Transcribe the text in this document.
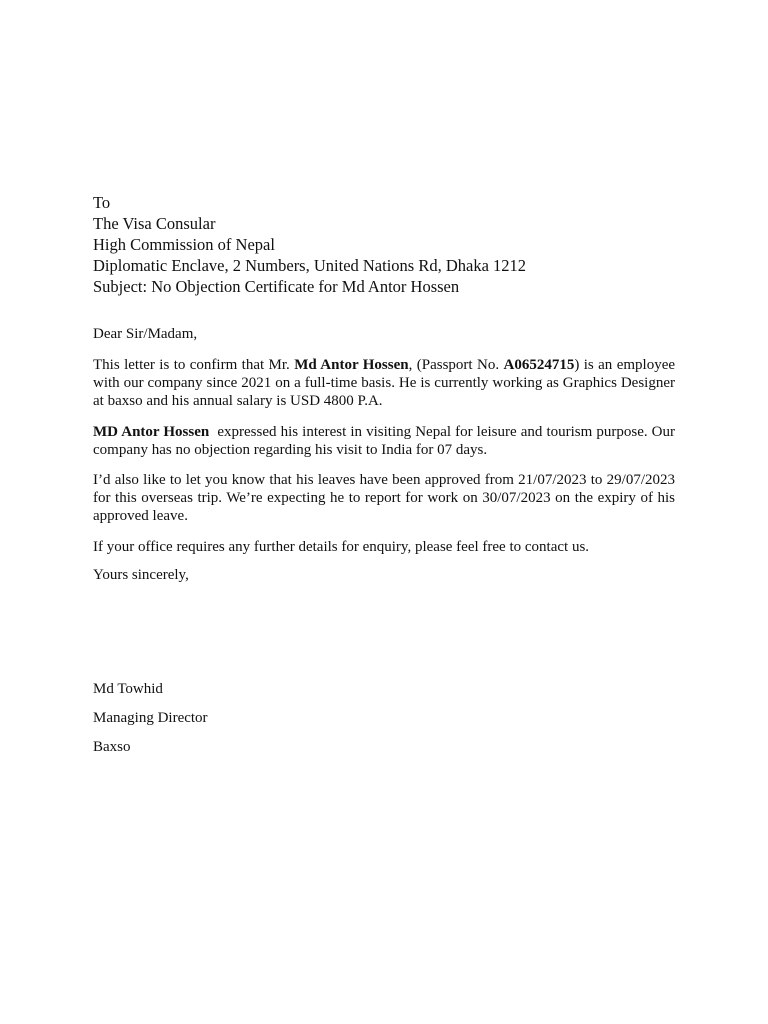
To
The Visa Consular
High Commission of Nepal
Diplomatic Enclave, 2 Numbers, United Nations Rd, Dhaka 1212
Subject: No Objection Certificate for Md Antor Hossen
Dear Sir/Madam,
This letter is to confirm that Mr. Md Antor Hossen, (Passport No. A06524715) is an employee with our company since 2021 on a full-time basis. He is currently working as Graphics Designer at baxso and his annual salary is USD 4800 P.A.
MD Antor Hossen  expressed his interest in visiting Nepal for leisure and tourism purpose. Our company has no objection regarding his visit to India for 07 days.
I’d also like to let you know that his leaves have been approved from 21/07/2023 to 29/07/2023 for this overseas trip. We’re expecting he to report for work on 30/07/2023 on the expiry of his approved leave.
If your office requires any further details for enquiry, please feel free to contact us.
Yours sincerely,
Md Towhid
Managing Director
Baxso
